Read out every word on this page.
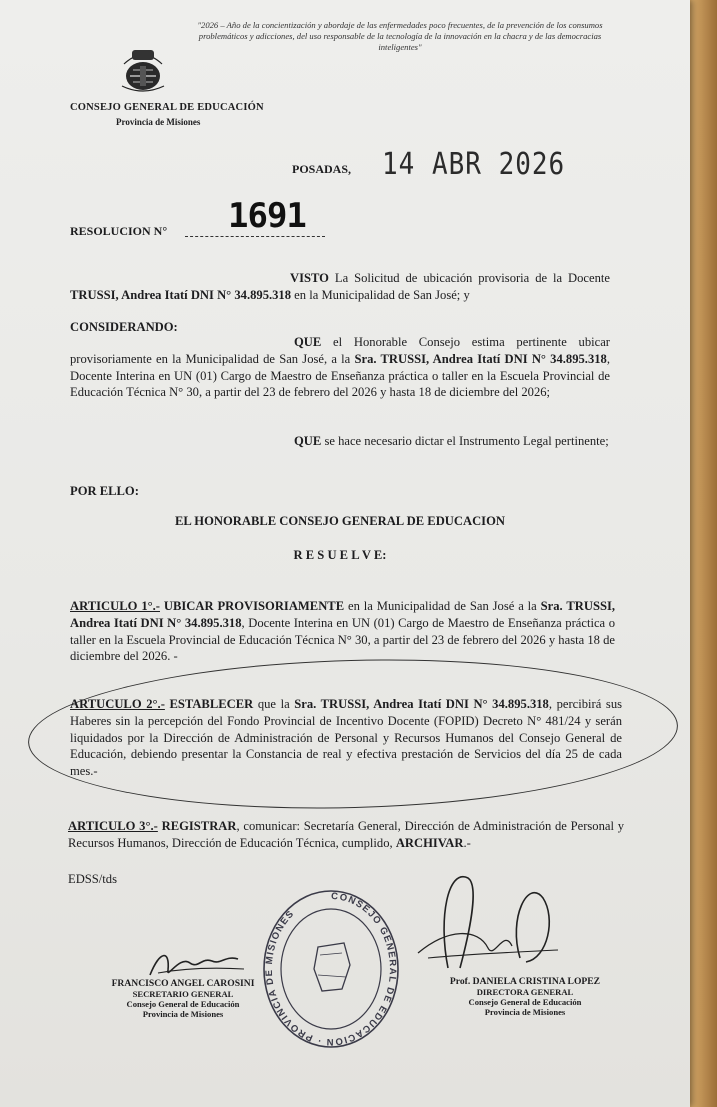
"2026 – Año de la concientización y abordaje de las enfermedades poco frecuentes, de la prevención de los consumos problemáticos y adicciones, del uso responsable de la tecnología de la innovación en la chacra y de las democracias inteligentes"
CONSEJO GENERAL DE EDUCACIÓN
Provincia de Misiones
POSADAS, 14 ABR 2026
RESOLUCION N° 1691
VISTO La Solicitud de ubicación provisoria de la Docente TRUSSI, Andrea Itatí DNI N° 34.895.318 en la Municipalidad de San José; y
CONSIDERANDO:
QUE el Honorable Consejo estima pertinente ubicar provisoriamente en la Municipalidad de San José, a la Sra. TRUSSI, Andrea Itatí DNI N° 34.895.318, Docente Interina en UN (01) Cargo de Maestro de Enseñanza práctica o taller en la Escuela Provincial de Educación Técnica N° 30, a partir del 23 de febrero del 2026 y hasta 18 de diciembre del 2026;
QUE se hace necesario dictar el Instrumento Legal pertinente;
POR ELLO:
EL HONORABLE CONSEJO GENERAL DE EDUCACION
R E S U E L V E:
ARTICULO 1°.- UBICAR PROVISORIAMENTE en la Municipalidad de San José a la Sra. TRUSSI, Andrea Itatí DNI N° 34.895.318, Docente Interina en UN (01) Cargo de Maestro de Enseñanza práctica o taller en la Escuela Provincial de Educación Técnica N° 30, a partir del 23 de febrero del 2026 y hasta 18 de diciembre del 2026. -
ARTUCULO 2°.- ESTABLECER que la Sra. TRUSSI, Andrea Itatí DNI N° 34.895.318, percibirá sus Haberes sin la percepción del Fondo Provincial de Incentivo Docente (FOPID) Decreto N° 481/24 y serán liquidados por la Dirección de Administración de Personal y Recursos Humanos del Consejo General de Educación, debiendo presentar la Constancia de real y efectiva prestación de Servicios del día 25 de cada mes.-
ARTICULO 3°.- REGISTRAR, comunicar: Secretaría General, Dirección de Administración de Personal y Recursos Humanos, Dirección de Educación Técnica, cumplido, ARCHIVAR.-
EDSS/tds
FRANCISCO ANGEL CAROSINI
SECRETARIO GENERAL
Consejo General de Educación
Provincia de Misiones
CONSEJO GENERAL DE EDUCACION · PROVINCIA DE MISIONES
Prof. DANIELA CRISTINA LOPEZ
DIRECTORA GENERAL
Consejo General de Educación
Provincia de Misiones
